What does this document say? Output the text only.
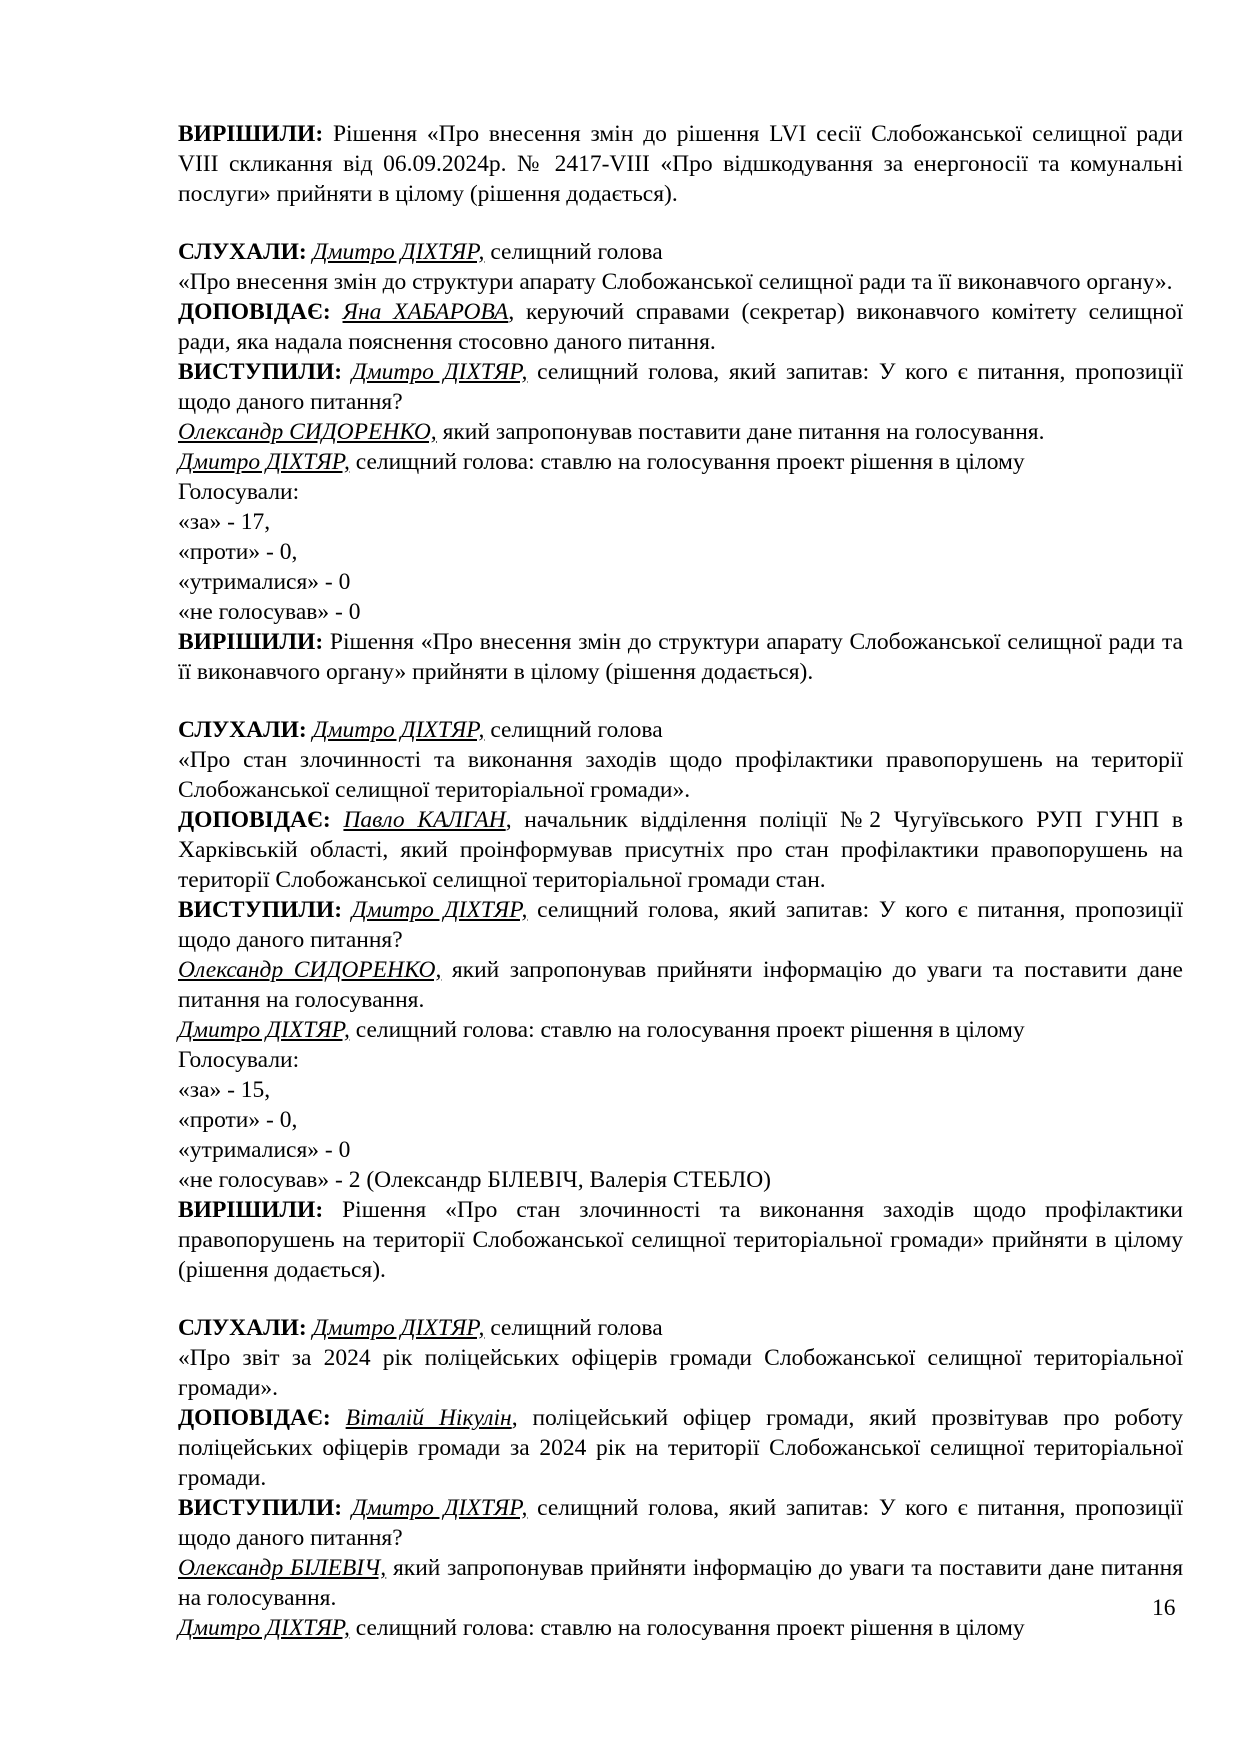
ВИРІШИЛИ: Рішення «Про внесення змін до рішення LVI сесії Слобожанської селищної ради VIII скликання від 06.09.2024р. № 2417-VIII «Про відшкодування за енергоносії та комунальні послуги» прийняти в цілому (рішення додається).

СЛУХАЛИ: Дмитро ДІХТЯР, селищний голова

«Про внесення змін до структури апарату Слобожанської селищної ради та її виконавчого органу».

ДОПОВІДАЄ: Яна ХАБАРОВА, керуючий справами (секретар) виконавчого комітету селищної ради, яка надала пояснення стосовно даного питання.

ВИСТУПИЛИ: Дмитро ДІХТЯР, селищний голова, який запитав: У кого є питання, пропозиції щодо даного питання?

Олександр СИДОРЕНКО, який запропонував поставити дане питання на голосування.

Дмитро ДІХТЯР, селищний голова: ставлю на голосування проект рішення в цілому

Голосували:

«за» - 17,

«проти» - 0,

«утрималися» - 0

«не голосував» - 0

ВИРІШИЛИ: Рішення «Про внесення змін до структури апарату Слобожанської селищної ради та її виконавчого органу» прийняти в цілому (рішення додається).

СЛУХАЛИ: Дмитро ДІХТЯР, селищний голова

«Про стан злочинності та виконання заходів щодо профілактики правопорушень на території Слобожанської селищної територіальної громади».

ДОПОВІДАЄ: Павло КАЛГАН, начальник відділення поліції №2 Чугуївського РУП ГУНП в Харківській області, який проінформував присутніх про стан профілактики правопорушень на території Слобожанської селищної територіальної громади стан.

ВИСТУПИЛИ: Дмитро ДІХТЯР, селищний голова, який запитав: У кого є питання, пропозиції щодо даного питання?

Олександр СИДОРЕНКО, який запропонував прийняти інформацію до уваги та поставити дане питання на голосування.

Дмитро ДІХТЯР, селищний голова: ставлю на голосування проект рішення в цілому

Голосували:

«за» - 15,

«проти» - 0,

«утрималися» - 0

«не голосував» - 2 (Олександр БІЛЕВІЧ, Валерія СТЕБЛО)

ВИРІШИЛИ: Рішення «Про стан злочинності та виконання заходів щодо профілактики правопорушень на території Слобожанської селищної територіальної громади» прийняти в цілому (рішення додається).

СЛУХАЛИ: Дмитро ДІХТЯР, селищний голова

«Про звіт за 2024 рік поліцейських офіцерів громади Слобожанської селищної територіальної громади».

ДОПОВІДАЄ: Віталій Нікулін, поліцейський офіцер громади, який прозвітував про роботу поліцейських офіцерів громади за 2024 рік на території Слобожанської селищної територіальної громади.

ВИСТУПИЛИ: Дмитро ДІХТЯР, селищний голова, який запитав: У кого є питання, пропозиції щодо даного питання?

Олександр БІЛЕВІЧ, який запропонував прийняти інформацію до уваги та поставити дане питання на голосування.

Дмитро ДІХТЯР, селищний голова: ставлю на голосування проект рішення в цілому

16
